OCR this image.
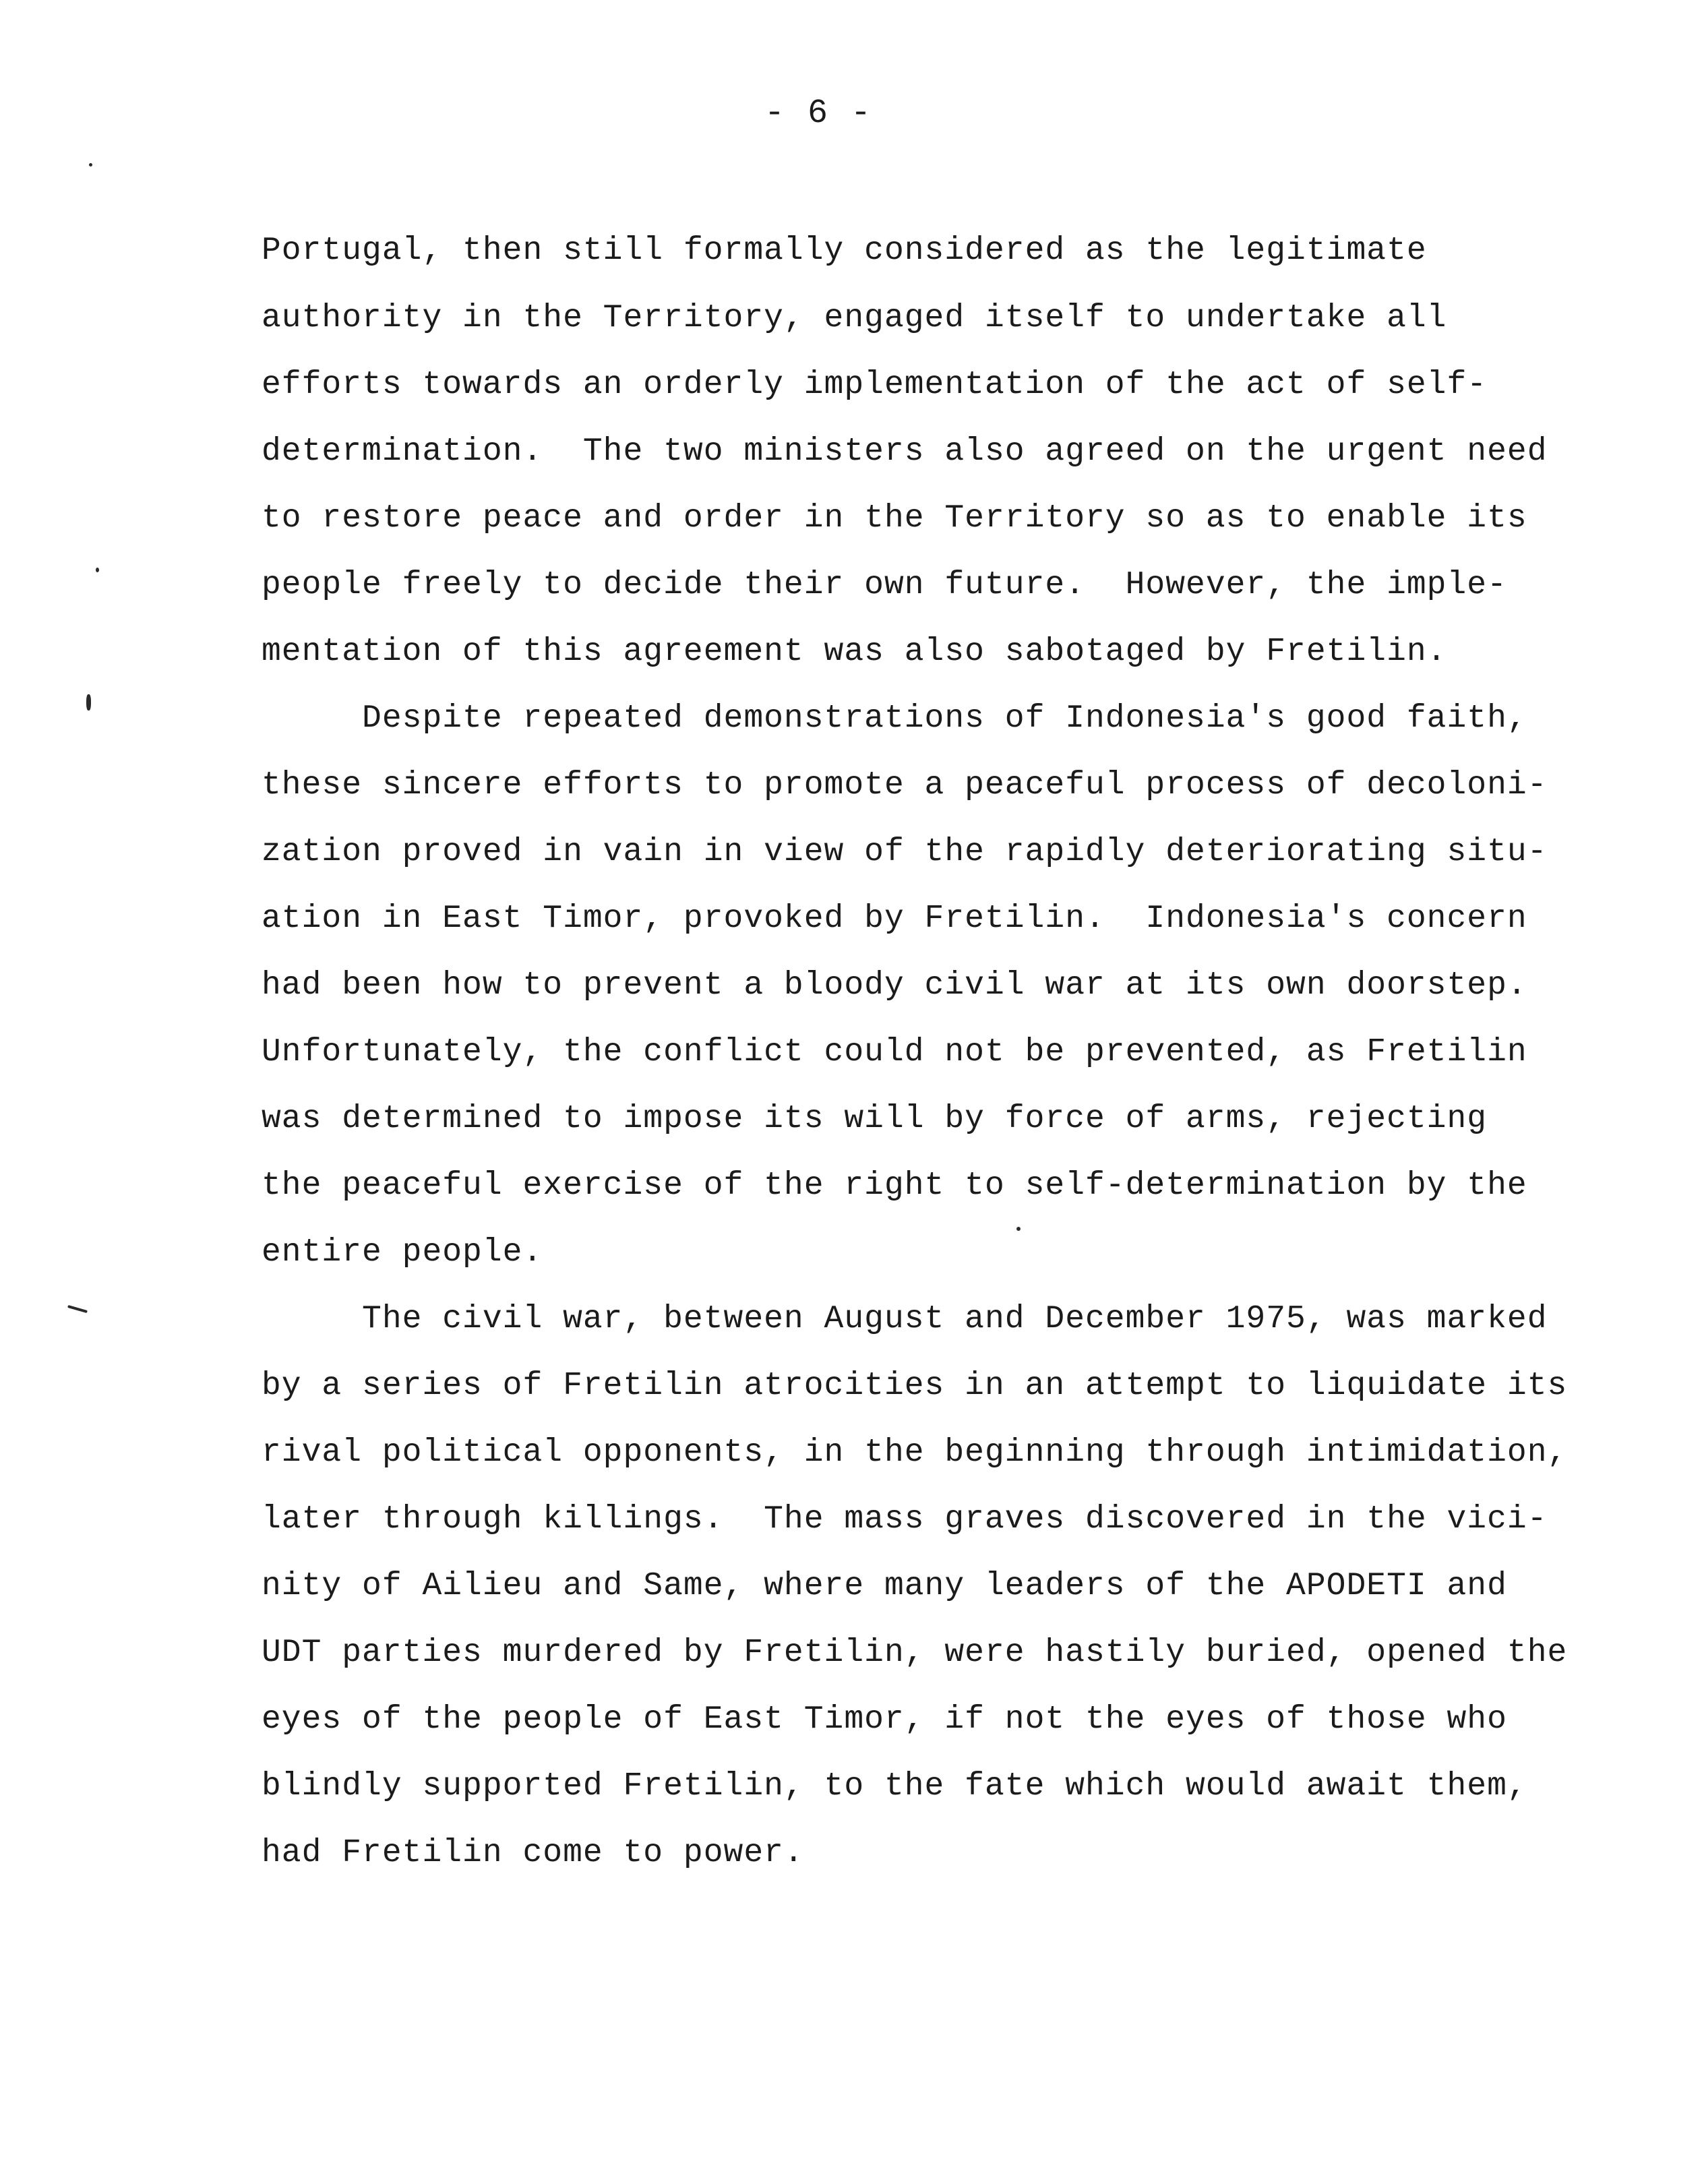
- 6 -
Portugal, then still formally considered as the legitimate
authority in the Territory, engaged itself to undertake all
efforts towards an orderly implementation of the act of self-
determination.  The two ministers also agreed on the urgent need
to restore peace and order in the Territory so as to enable its
people freely to decide their own future.  However, the imple-
mentation of this agreement was also sabotaged by Fretilin.
Despite repeated demonstrations of Indonesia's good faith,
these sincere efforts to promote a peaceful process of decoloni-
zation proved in vain in view of the rapidly deteriorating situ-
ation in East Timor, provoked by Fretilin.  Indonesia's concern
had been how to prevent a bloody civil war at its own doorstep.
Unfortunately, the conflict could not be prevented, as Fretilin
was determined to impose its will by force of arms, rejecting
the peaceful exercise of the right to self-determination by the
entire people.
The civil war, between August and December 1975, was marked
by a series of Fretilin atrocities in an attempt to liquidate its
rival political opponents, in the beginning through intimidation,
later through killings.  The mass graves discovered in the vici-
nity of Ailieu and Same, where many leaders of the APODETI and
UDT parties murdered by Fretilin, were hastily buried, opened the
eyes of the people of East Timor, if not the eyes of those who
blindly supported Fretilin, to the fate which would await them,
had Fretilin come to power.
